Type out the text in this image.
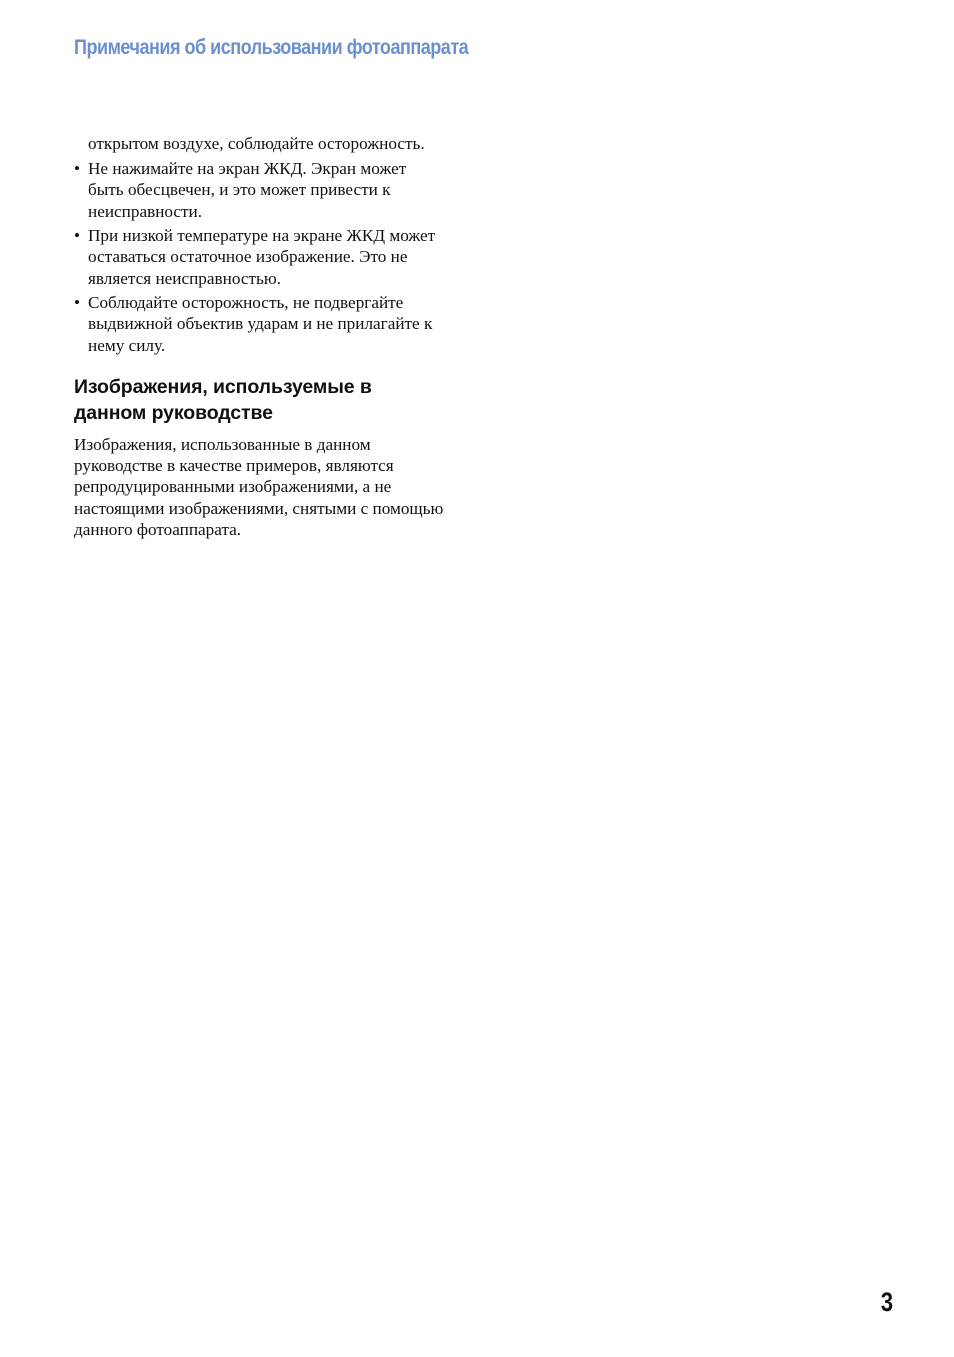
Примечания об использовании фотоаппарата

открытом воздухе, соблюдайте осторожность.

• Не нажимайте на экран ЖКД. Экран может быть обесцвечен, и это может привести к неисправности.
• При низкой температуре на экране ЖКД может оставаться остаточное изображение. Это не является неисправностью.
• Соблюдайте осторожность, не подвергайте выдвижной объектив ударам и не прилагайте к нему силу.
Изображения, используемые в данном руководстве

Изображения, использованные в данном руководстве в качестве примеров, являются репродуцированными изображениями, а не настоящими изображениями, снятыми с помощью данного фотоаппарата.

3
